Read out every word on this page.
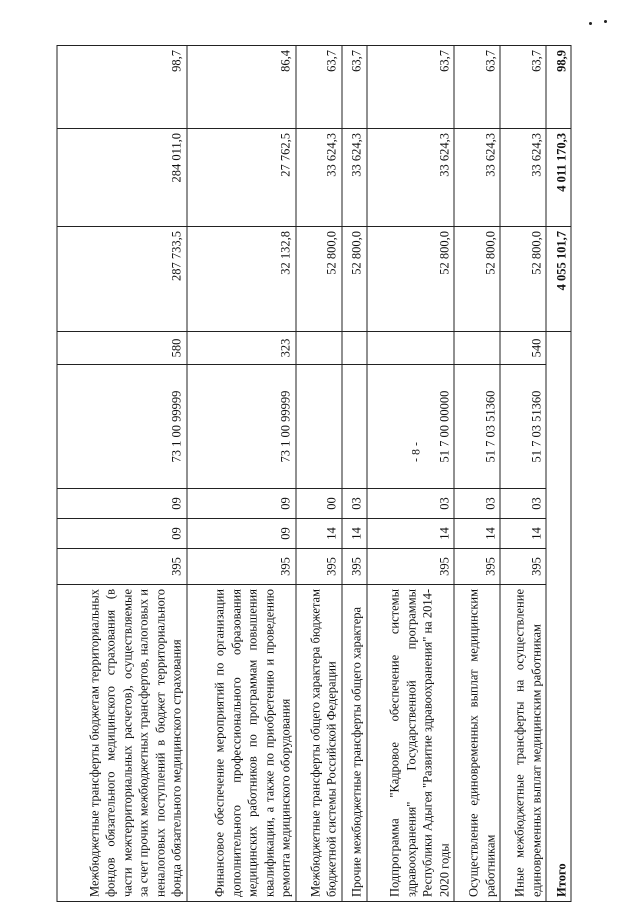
- 8 -
Межбюджетные трансферты бюджетам территориальных фондов обязательного медицинского страхования (в части межтерриториальных расчетов), осуществляемые за счет прочих межбюджетных трансфертов, налоговых и неналоговых поступлений в бюджет территориального фонда обязательного медицинского страхования	395	09	09	73 1 00 99999	580	287 733,5	284 011,0	98,7
Финансовое обеспечение мероприятий по организации дополнительного профессионального образования медицинских работников по программам повышения квалификации, а также по приобретению и проведению ремонта медицинского оборудования	395	09	09	73 1 00 99999	323	32 132,8	27 762,5	86,4
Межбюджетные трансферты общего характера бюджетам бюджетной системы Российской Федерации	395	14	00			52 800,0	33 624,3	63,7
Прочие межбюджетные трансферты общего характера	395	14	03			52 800,0	33 624,3	63,7
Подпрограмма "Кадровое обеспечение системы здравоохранения" Государственной программы Республики Адыгея "Развитие здравоохранения" на 2014-2020 годы	395	14	03	51 7 00 00000		52 800,0	33 624,3	63,7
Осуществление единовременных выплат медицинским работникам	395	14	03	51 7 03 51360		52 800,0	33 624,3	63,7
Иные межбюджетные трансферты на осуществление единовременных выплат медицинским работникам	395	14	03	51 7 03 51360	540	52 800,0	33 624,3	63,7
Итого						4 055 101,7	4 011 170,3	98,9
